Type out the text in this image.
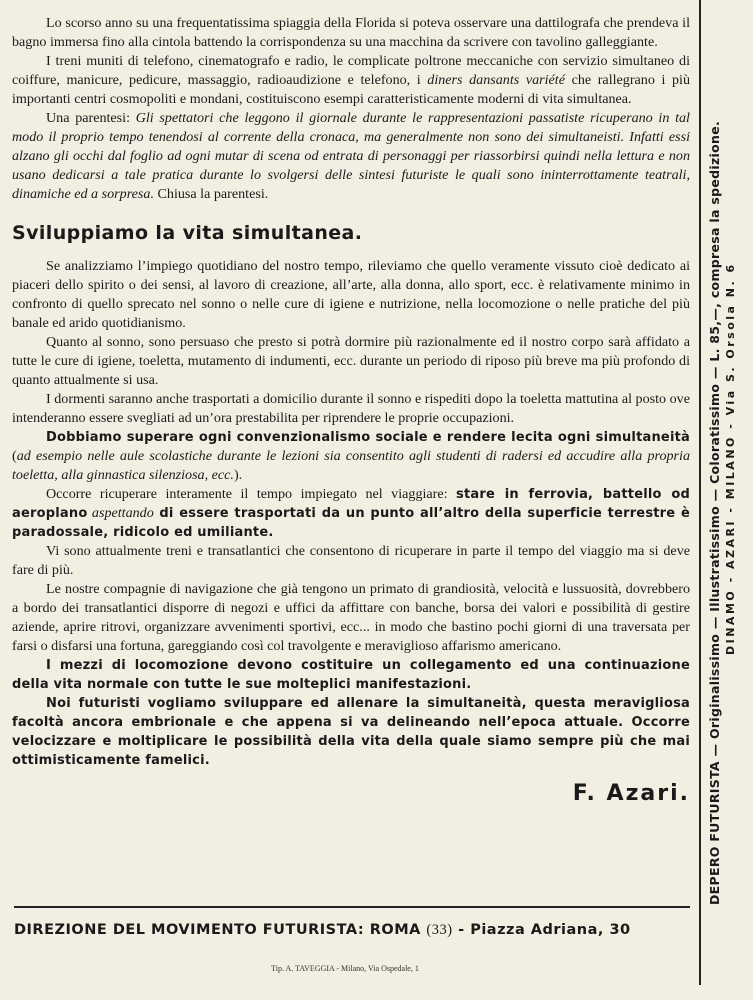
Lo scorso anno su una frequentatissima spiaggia della Florida si poteva osservare una dattilografa che prendeva il bagno immersa fino alla cintola battendo la corrispondenza su una macchina da scrivere con tavolino galleggiante.

I treni muniti di telefono, cinematografo e radio, le complicate poltrone meccaniche con servizio simultaneo di coiffure, manicure, pedicure, massaggio, radioaudizione e telefono, i diners dansants variété che rallegrano i più importanti centri cosmopoliti e mondani, costituiscono esempi caratteristicamente moderni di vita simultanea.

Una parentesi: Gli spettatori che leggono il giornale durante le rappresentazioni passatiste ricuperano in tal modo il proprio tempo tenendosi al corrente della cronaca, ma generalmente non sono dei simultaneisti. Infatti essi alzano gli occhi dal foglio ad ogni mutar di scena od entrata di personaggi per riassorbirsi quindi nella lettura e non usano dedicarsi a tale pratica durante lo svolgersi delle sintesi futuriste le quali sono ininterrottamente teatrali, dinamiche ed a sorpresa. Chiusa la parentesi.

Sviluppiamo la vita simultanea.

Se analizziamo l’impiego quotidiano del nostro tempo, rileviamo che quello veramente vissuto cioè dedicato ai piaceri dello spirito o dei sensi, al lavoro di creazione, all’arte, alla donna, allo sport, ecc. è relativamente minimo in confronto di quello sprecato nel sonno o nelle cure di igiene e nutrizione, nella locomozione o nelle pratiche del più banale ed arido quotidianismo.

Quanto al sonno, sono persuaso che presto si potrà dormire più razionalmente ed il nostro corpo sarà affidato a tutte le cure di igiene, toeletta, mutamento di indumenti, ecc. durante un periodo di riposo più breve ma più profondo di quanto attualmente si usa.

I dormenti saranno anche trasportati a domicilio durante il sonno e rispediti dopo la toeletta mattutina al posto ove intenderanno essere svegliati ad un’ora prestabilita per riprendere le proprie occupazioni.

Dobbiamo superare ogni convenzionalismo sociale e rendere lecita ogni simultaneità (ad esempio nelle aule scolastiche durante le lezioni sia consentito agli studenti di radersi ed accudire alla propria toeletta, alla ginnastica silenziosa, ecc.).

Occorre ricuperare interamente il tempo impiegato nel viaggiare: stare in ferrovia, battello od aeroplano aspettando di essere trasportati da un punto all’altro della superficie terrestre è paradossale, ridicolo ed umiliante.

Vi sono attualmente treni e transatlantici che consentono di ricuperare in parte il tempo del viaggio ma si deve fare di più.

Le nostre compagnie di navigazione che già tengono un primato di grandiosità, velocità e lussuosità, dovrebbero a bordo dei transatlantici disporre di negozi e uffici da affittare con banche, borsa dei valori e possibilità di gestire aziende, aprire ritrovi, organizzare avvenimenti sportivi, ecc... in modo che bastino pochi giorni di una traversata per farsi o disfarsi una fortuna, gareggiando così col travolgente e meraviglioso affarismo americano.

I mezzi di locomozione devono costituire un collegamento ed una continuazione della vita normale con tutte le sue molteplici manifestazioni.

Noi futuristi vogliamo sviluppare ed allenare la simultaneità, questa meravigliosa facoltà ancora embrionale e che appena si va delineando nell’epoca attuale. Occorre velocizzare e moltiplicare le possibilità della vita della quale siamo sempre più che mai ottimisticamente famelici.

F. Azari.

DIREZIONE DEL MOVIMENTO FUTURISTA: ROMA (33) - Piazza Adriana, 30
Tip. A. TAVEGGIA - Milano, Via Ospedale, 1
DEPERO FUTURISTA — Originalissimo — Illustratissimo — Coloratissimo — L. 85,—, compresa la spedizione. DINAMO - AZARI - MILANO - Via S. Orsola N. 6
